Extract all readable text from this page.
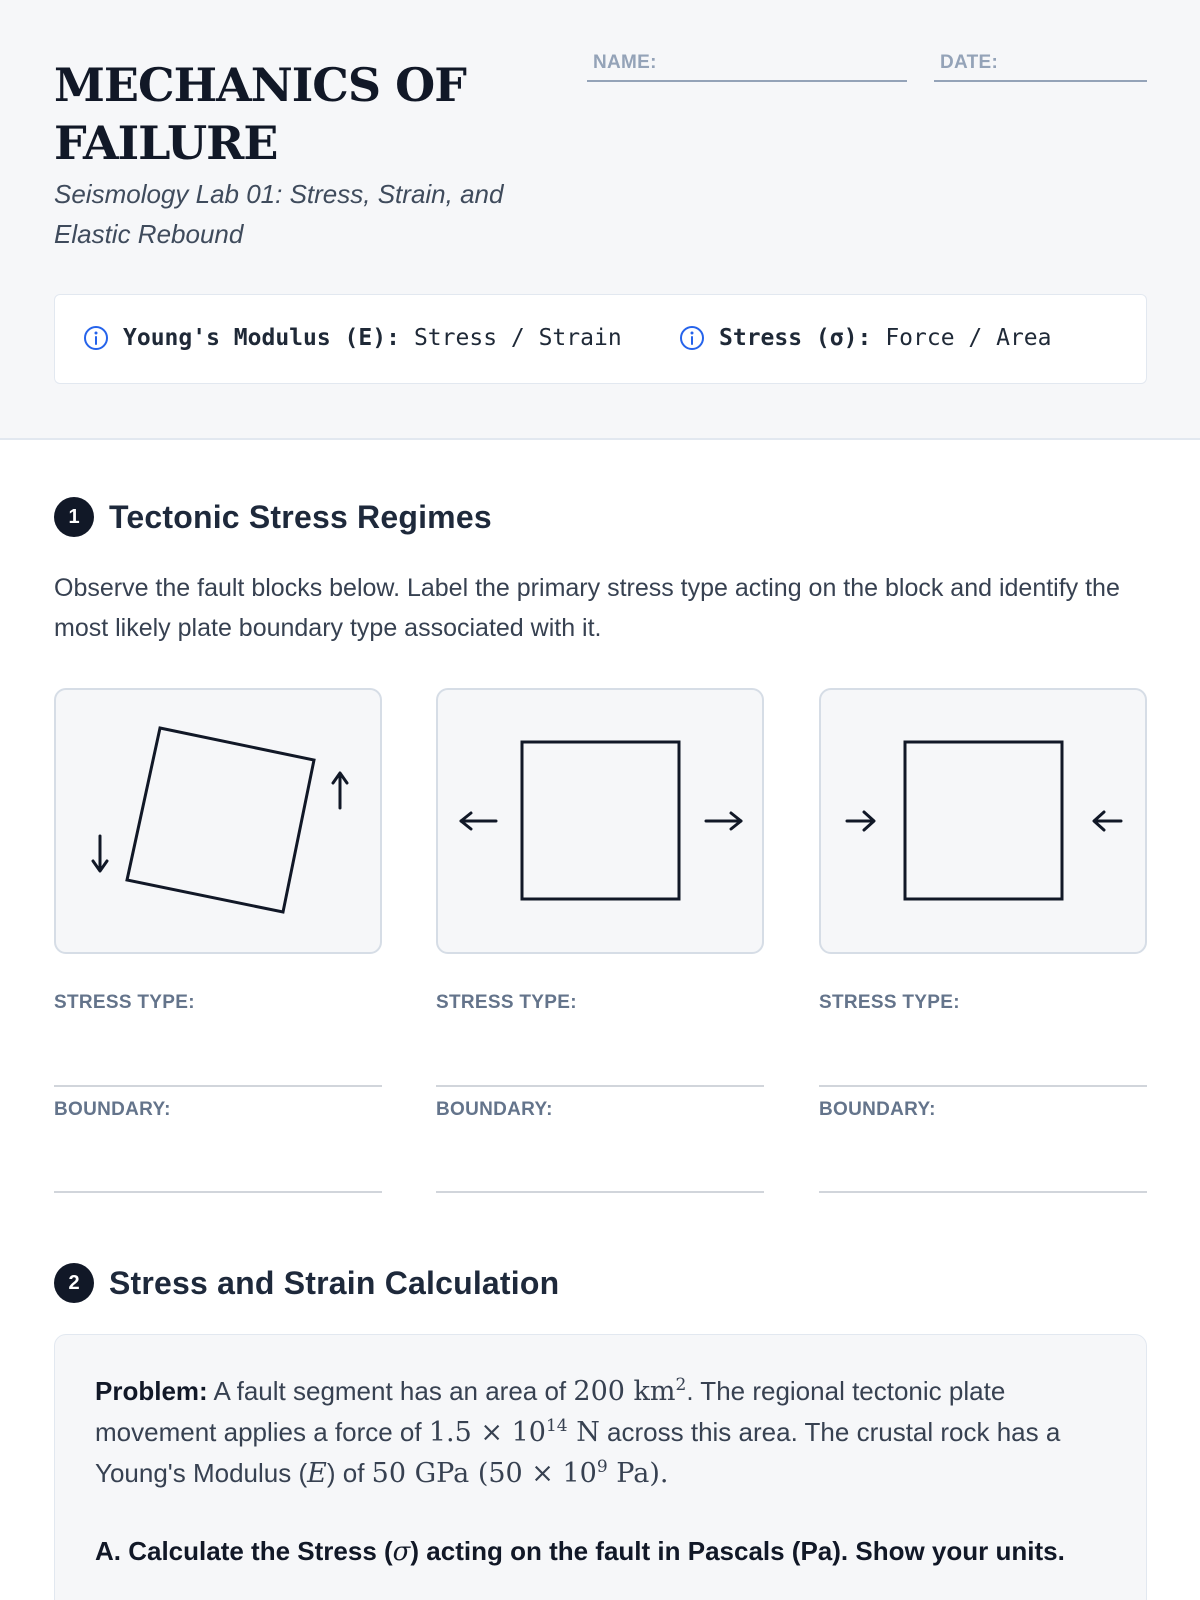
MECHANICS OF FAILURE
Seismology Lab 01: Stress, Strain, and Elastic Rebound
NAME:	DATE:
Young's Modulus (E): Stress / Strain	Stress (σ): Force / Area
1 Tectonic Stress Regimes

Observe the fault blocks below. Label the primary stress type acting on the block and identify the most likely plate boundary type associated with it.

STRESS TYPE:
BOUNDARY:
STRESS TYPE:
BOUNDARY:
STRESS TYPE:
BOUNDARY:
2 Stress and Strain Calculation

Problem: A fault segment has an area of 200 $km^2$. The regional tectonic plate movement applies a force of $1.5 \times 10^{14}$ N across this area. The crustal rock has a Young's Modulus (E) of 50 GPa ($50 \times 10^9$ Pa).

A. Calculate the Stress (σ) acting on the fault in Pascals (Pa). Show your units.
